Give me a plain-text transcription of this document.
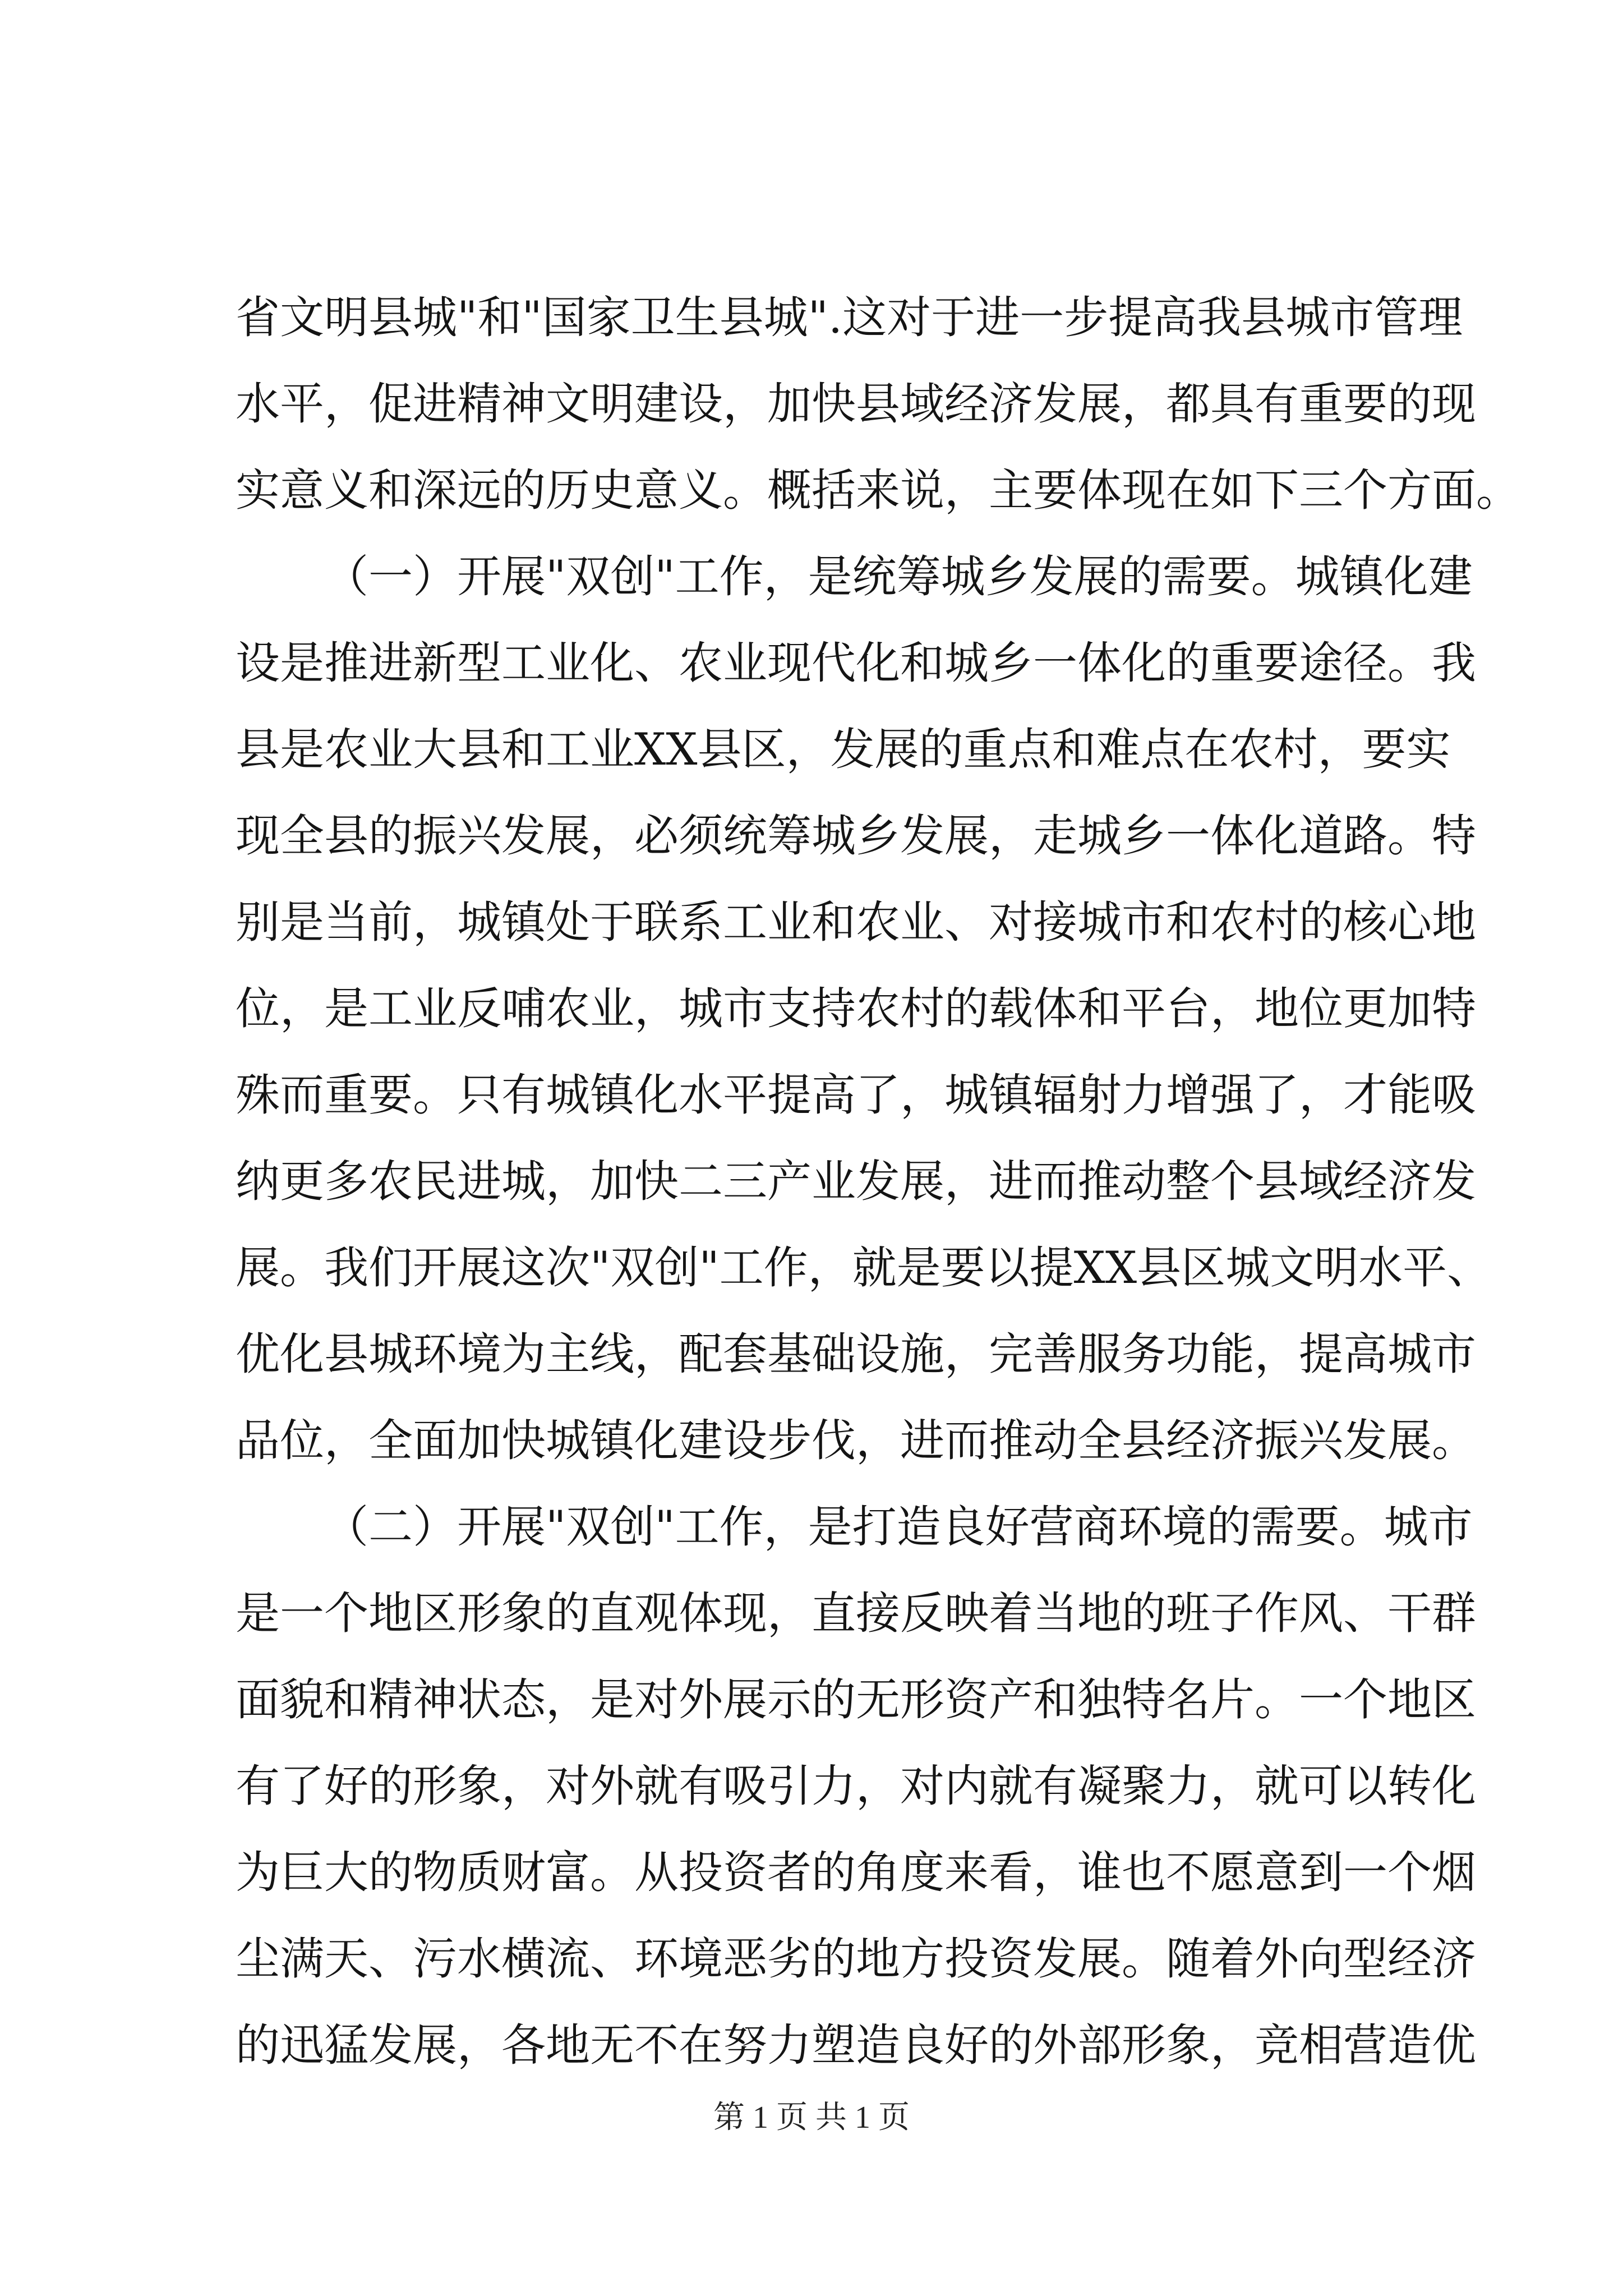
省文明县城"和"国家卫生县城".这对于进一步提高我县城市管理
水平，促进精神文明建设，加快县域经济发展，都具有重要的现
实意义和深远的历史意义。概括来说，主要体现在如下三个方面。
（一）开展"双创"工作，是统筹城乡发展的需要。城镇化建
设是推进新型工业化、农业现代化和城乡一体化的重要途径。我
县是农业大县和工业XX县区，发展的重点和难点在农村，要实
现全县的振兴发展，必须统筹城乡发展，走城乡一体化道路。特
别是当前，城镇处于联系工业和农业、对接城市和农村的核心地
位，是工业反哺农业，城市支持农村的载体和平台，地位更加特
殊而重要。只有城镇化水平提高了，城镇辐射力增强了，才能吸
纳更多农民进城，加快二三产业发展，进而推动整个县域经济发
展。我们开展这次"双创"工作，就是要以提XX县区城文明水平、
优化县城环境为主线，配套基础设施，完善服务功能，提高城市
品位，全面加快城镇化建设步伐，进而推动全县经济振兴发展。
（二）开展"双创"工作，是打造良好营商环境的需要。城市
是一个地区形象的直观体现，直接反映着当地的班子作风、干群
面貌和精神状态，是对外展示的无形资产和独特名片。一个地区
有了好的形象，对外就有吸引力，对内就有凝聚力，就可以转化
为巨大的物质财富。从投资者的角度来看，谁也不愿意到一个烟
尘满天、污水横流、环境恶劣的地方投资发展。随着外向型经济
的迅猛发展，各地无不在努力塑造良好的外部形象，竞相营造优
第 1 页 共 1 页
